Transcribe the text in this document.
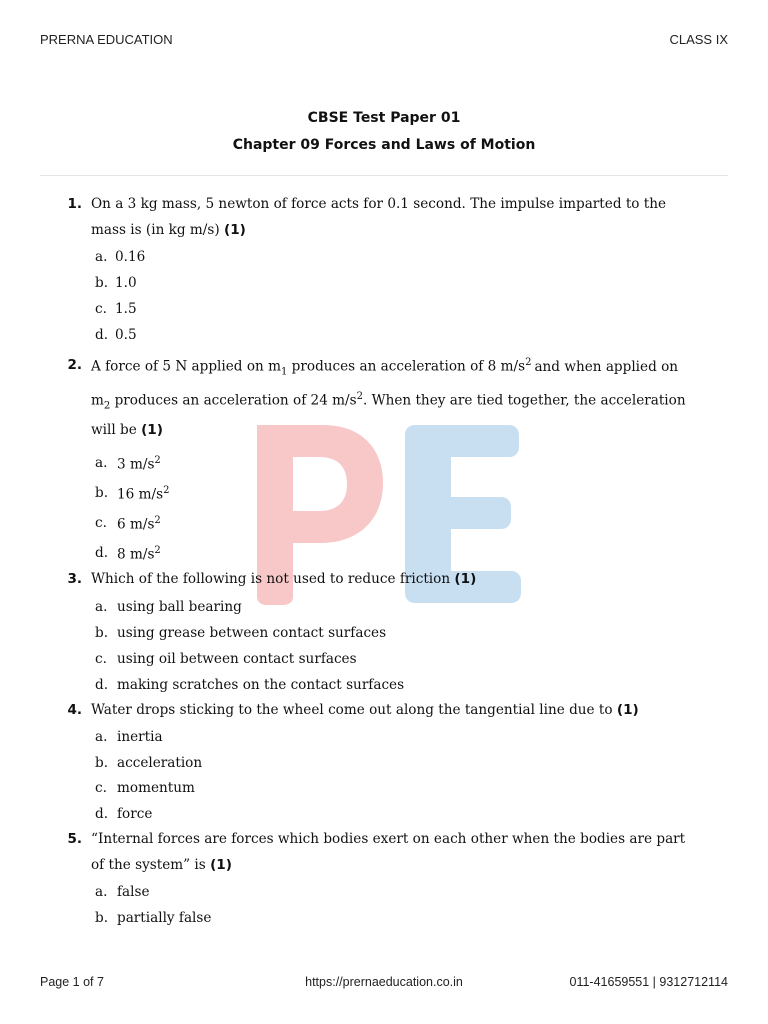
PRERNA EDUCATION	CLASS IX
CBSE Test Paper 01
Chapter 09 Forces and Laws of Motion
1. On a 3 kg mass, 5 newton of force acts for 0.1 second. The impulse imparted to the
mass is (in kg m/s) (1)
a. 0.16
b. 1.0
c. 1.5
d. 0.5
2. A force of 5 N applied on $m_1$ produces an acceleration of 8 $m/s^2$ and when applied on
$m_2$ produces an acceleration of 24 $m/s^2$. When they are tied together, the acceleration
will be (1)
a. 3 $m/s^2$
b. 16 $m/s^2$
c. 6 $m/s^2$
d. 8 $m/s^2$
3. Which of the following is not used to reduce friction (1)
a. using ball bearing
b. using grease between contact surfaces
c. using oil between contact surfaces
d. making scratches on the contact surfaces
4. Water drops sticking to the wheel come out along the tangential line due to (1)
a. inertia
b. acceleration
c. momentum
d. force
5. “Internal forces are forces which bodies exert on each other when the bodies are part
of the system” is (1)
a. false
b. partially false
Page 1 of 7	https://prernaeducation.co.in	011-41659551 | 9312712114
